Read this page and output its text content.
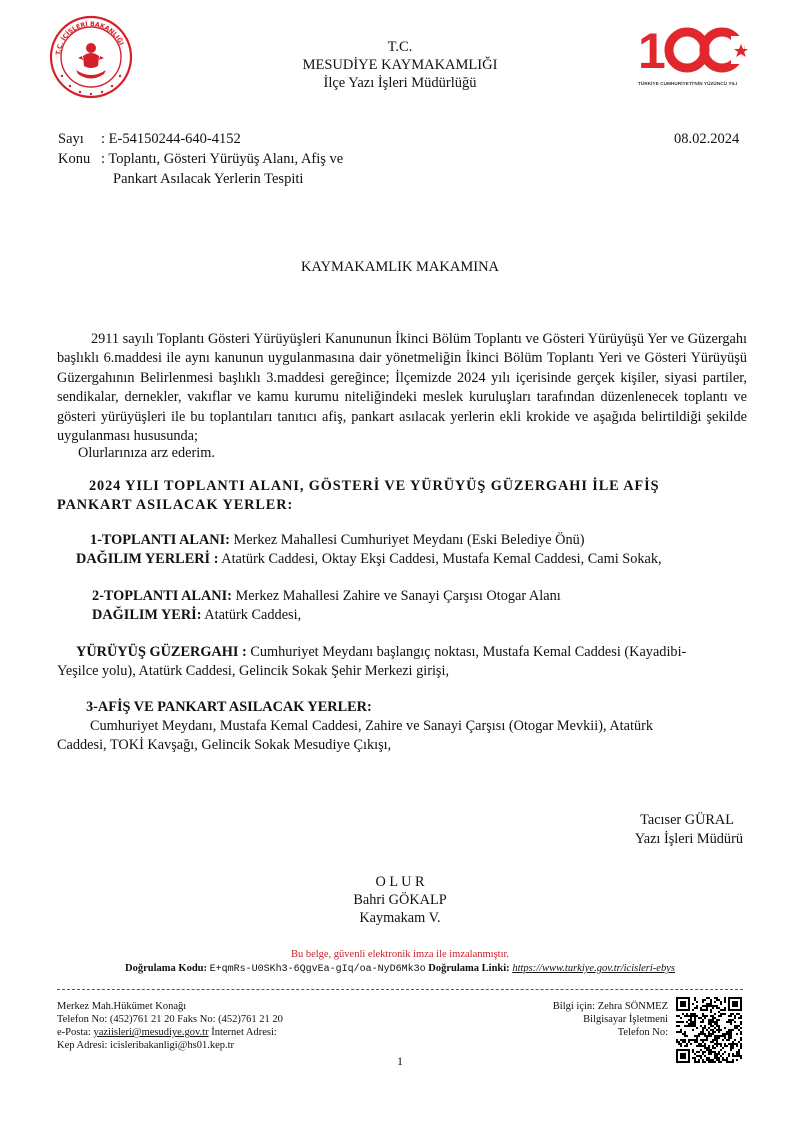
T.C. İÇİŞLERİ BAKANLIĞI	1
TÜRKİYE CUMHURİYETİ'NİN YÜZÜNCÜ YILI
T.C.
MESUDİYE KAYMAKAMLIĞI
İlçe Yazı İşleri Müdürlüğü
Sayı : E-54150244-640-4152	08.02.2024
Konu : Toplantı, Gösteri Yürüyüş Alanı, Afiş ve
Pankart Asılacak Yerlerin Tespiti
KAYMAKAMLIK MAKAMINA
2911 sayılı Toplantı Gösteri Yürüyüşleri Kanununun İkinci Bölüm Toplantı ve Gösteri Yürüyüşü Yer ve Güzergahı başlıklı 6.maddesi ile aynı kanunun uygulanmasına dair yönetmeliğin İkinci Bölüm Toplantı Yeri ve Gösteri Yürüyüşü Güzergahının Belirlenmesi başlıklı 3.maddesi gereğince; İlçemizde 2024 yılı içerisinde gerçek kişiler, siyasi partiler, sendikalar, dernekler, vakıflar ve kamu kurumu niteliğindeki meslek kuruluşları tarafından düzenlenecek toplantı ve gösteri yürüyüşleri ile bu toplantıları tanıtıcı afiş, pankart asılacak yerlerin ekli krokide ve aşağıda belirtildiği şekilde uygulanması hususunda;
Olurlarınıza arz ederim.
2024 YILI TOPLANTI ALANI, GÖSTERİ VE YÜRÜYÜŞ GÜZERGAHI İLE AFİŞ
PANKART ASILACAK YERLER:
1-TOPLANTI ALANI: Merkez Mahallesi Cumhuriyet Meydanı (Eski Belediye Önü)
DAĞILIM YERLERİ : Atatürk Caddesi, Oktay Ekşi Caddesi, Mustafa Kemal Caddesi, Cami Sokak,
2-TOPLANTI ALANI: Merkez Mahallesi Zahire ve Sanayi Çarşısı Otogar Alanı
DAĞILIM YERİ: Atatürk Caddesi,
YÜRÜYÜŞ GÜZERGAHI : Cumhuriyet Meydanı başlangıç noktası, Mustafa Kemal Caddesi (Kayadibi-
Yeşilce yolu), Atatürk Caddesi, Gelincik Sokak Şehir Merkezi girişi,
3-AFİŞ VE PANKART ASILACAK YERLER:
Cumhuriyet Meydanı, Mustafa Kemal Caddesi, Zahire ve Sanayi Çarşısı (Otogar Mevkii), Atatürk
Caddesi, TOKİ Kavşağı, Gelincik Sokak Mesudiye Çıkışı,
Tacıser GÜRAL
Yazı İşleri Müdürü
O L U R
Bahri GÖKALP
Kaymakam V.
Bu belge, güvenli elektronik imza ile imzalanmıştır.
Doğrulama Kodu: E+qmRs-U0SKh3-6QgvEa-gIq/oa-NyD6Mk3o Doğrulama Linki: https://www.turkiye.gov.tr/icisleri-ebys
Merkez Mah.Hükümet Konağı
Telefon No: (452)761 21 20 Faks No: (452)761 21 20
e-Posta: yaziisleri@mesudiye.gov.tr İnternet Adresi:
Kep Adresi: icisleribakanligi@hs01.kep.tr
Bilgi için: Zehra SÖNMEZ
Bilgisayar İşletmeni
Telefon No:
1
